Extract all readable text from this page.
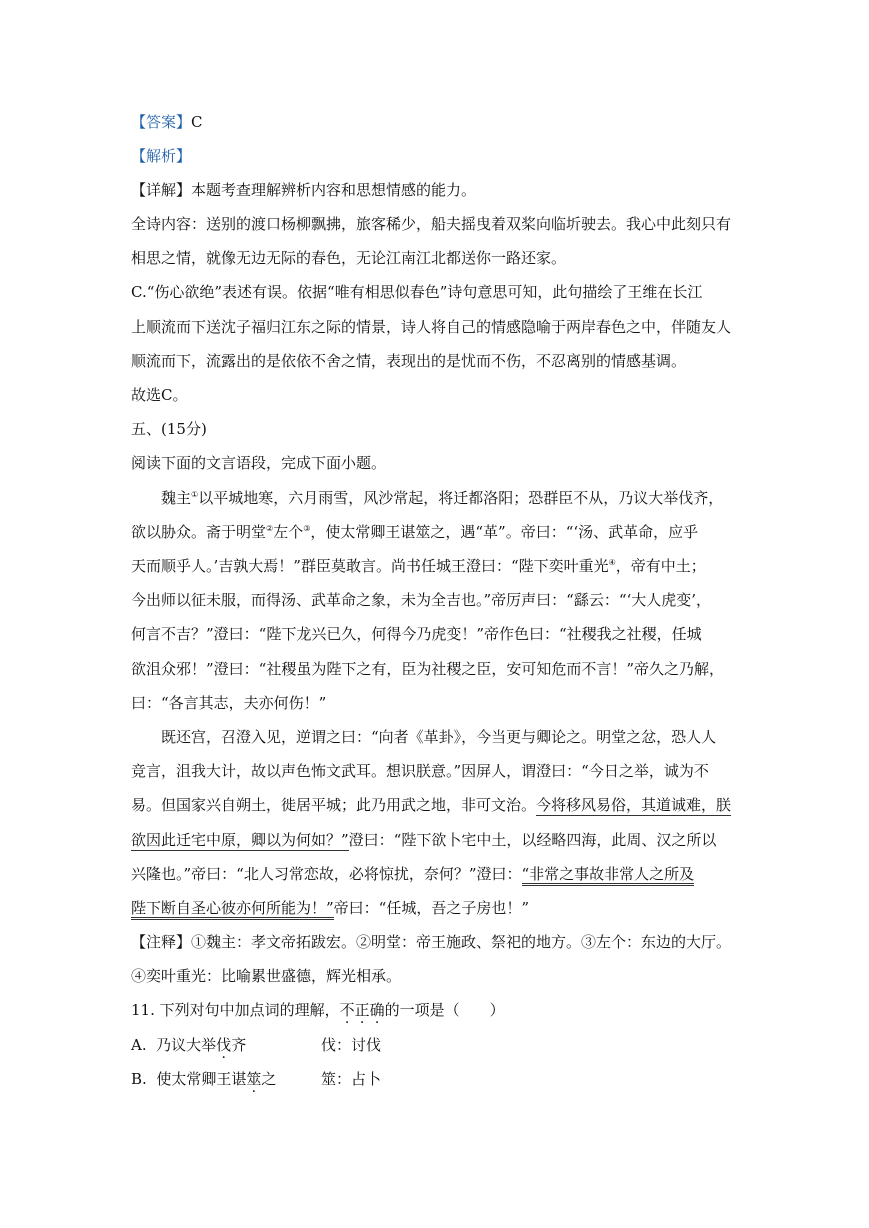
【答案】C
【解析】
【详解】本题考查理解辨析内容和思想情感的能力。
全诗内容：送别的渡口杨柳飘拂，旅客稀少，船夫摇曳着双桨向临圻驶去。我心中此刻只有
相思之情，就像无边无际的春色，无论江南江北都送你一路还家。
C.“伤心欲绝”表述有误。依据“唯有相思似春色”诗句意思可知，此句描绘了王维在长江
上顺流而下送沈子福归江东之际的情景，诗人将自己的情感隐喻于两岸春色之中，伴随友人
顺流而下，流露出的是依依不舍之情，表现出的是忧而不伤，不忍离别的情感基调。
故选C。
五、(15分)
阅读下面的文言语段，完成下面小题。
魏主①以平城地寒，六月雨雪，风沙常起，将迁都洛阳；恐群臣不从，乃议大举伐齐，
欲以胁众。斋于明堂②左个③，使太常卿王谌筮之，遇“革”。帝曰：“‘汤、武革命，应乎
天而顺乎人。’吉孰大焉！”群臣莫敢言。尚书任城王澄曰：“陛下奕叶重光④，帝有中土；
今出师以征未服，而得汤、武革命之象，未为全吉也。”帝厉声曰：“繇云：“‘大人虎变’，
何言不吉？”澄曰：“陛下龙兴已久，何得今乃虎变！”帝作色曰：“社稷我之社稷，任城
欲沮众邪！”澄曰：“社稷虽为陛下之有，臣为社稷之臣，安可知危而不言！”帝久之乃解，
曰：“各言其志，夫亦何伤！”
既还宫，召澄入见，逆谓之曰：“向者《革卦》，今当更与卿论之。明堂之忿，恐人人
竞言，沮我大计，故以声色怖文武耳。想识朕意。”因屏人，谓澄曰：“今日之举，诚为不
易。但国家兴自朔土，徙居平城；此乃用武之地，非可文治。今将移风易俗，其道诚难，朕
欲因此迁宅中原，卿以为何如？”澄曰：“陛下欲卜宅中土，以经略四海，此周、汉之所以
兴隆也。”帝曰：“北人习常恋故，必将惊扰，奈何？”澄曰：“非常之事故非常人之所及
陛下断自圣心彼亦何所能为！”帝曰：“任城，吾之子房也！”
【注释】①魏主：孝文帝拓跋宏。②明堂：帝王施政、祭祀的地方。③左个：东边的大厅。
④奕叶重光：比喻累世盛德，辉光相承。
11. 下列对句中加点词的理解，不正确的一项是（　　）
A. 乃议大举伐齐	伐：讨伐
B. 使太常卿王谌筮之	筮：占卜
